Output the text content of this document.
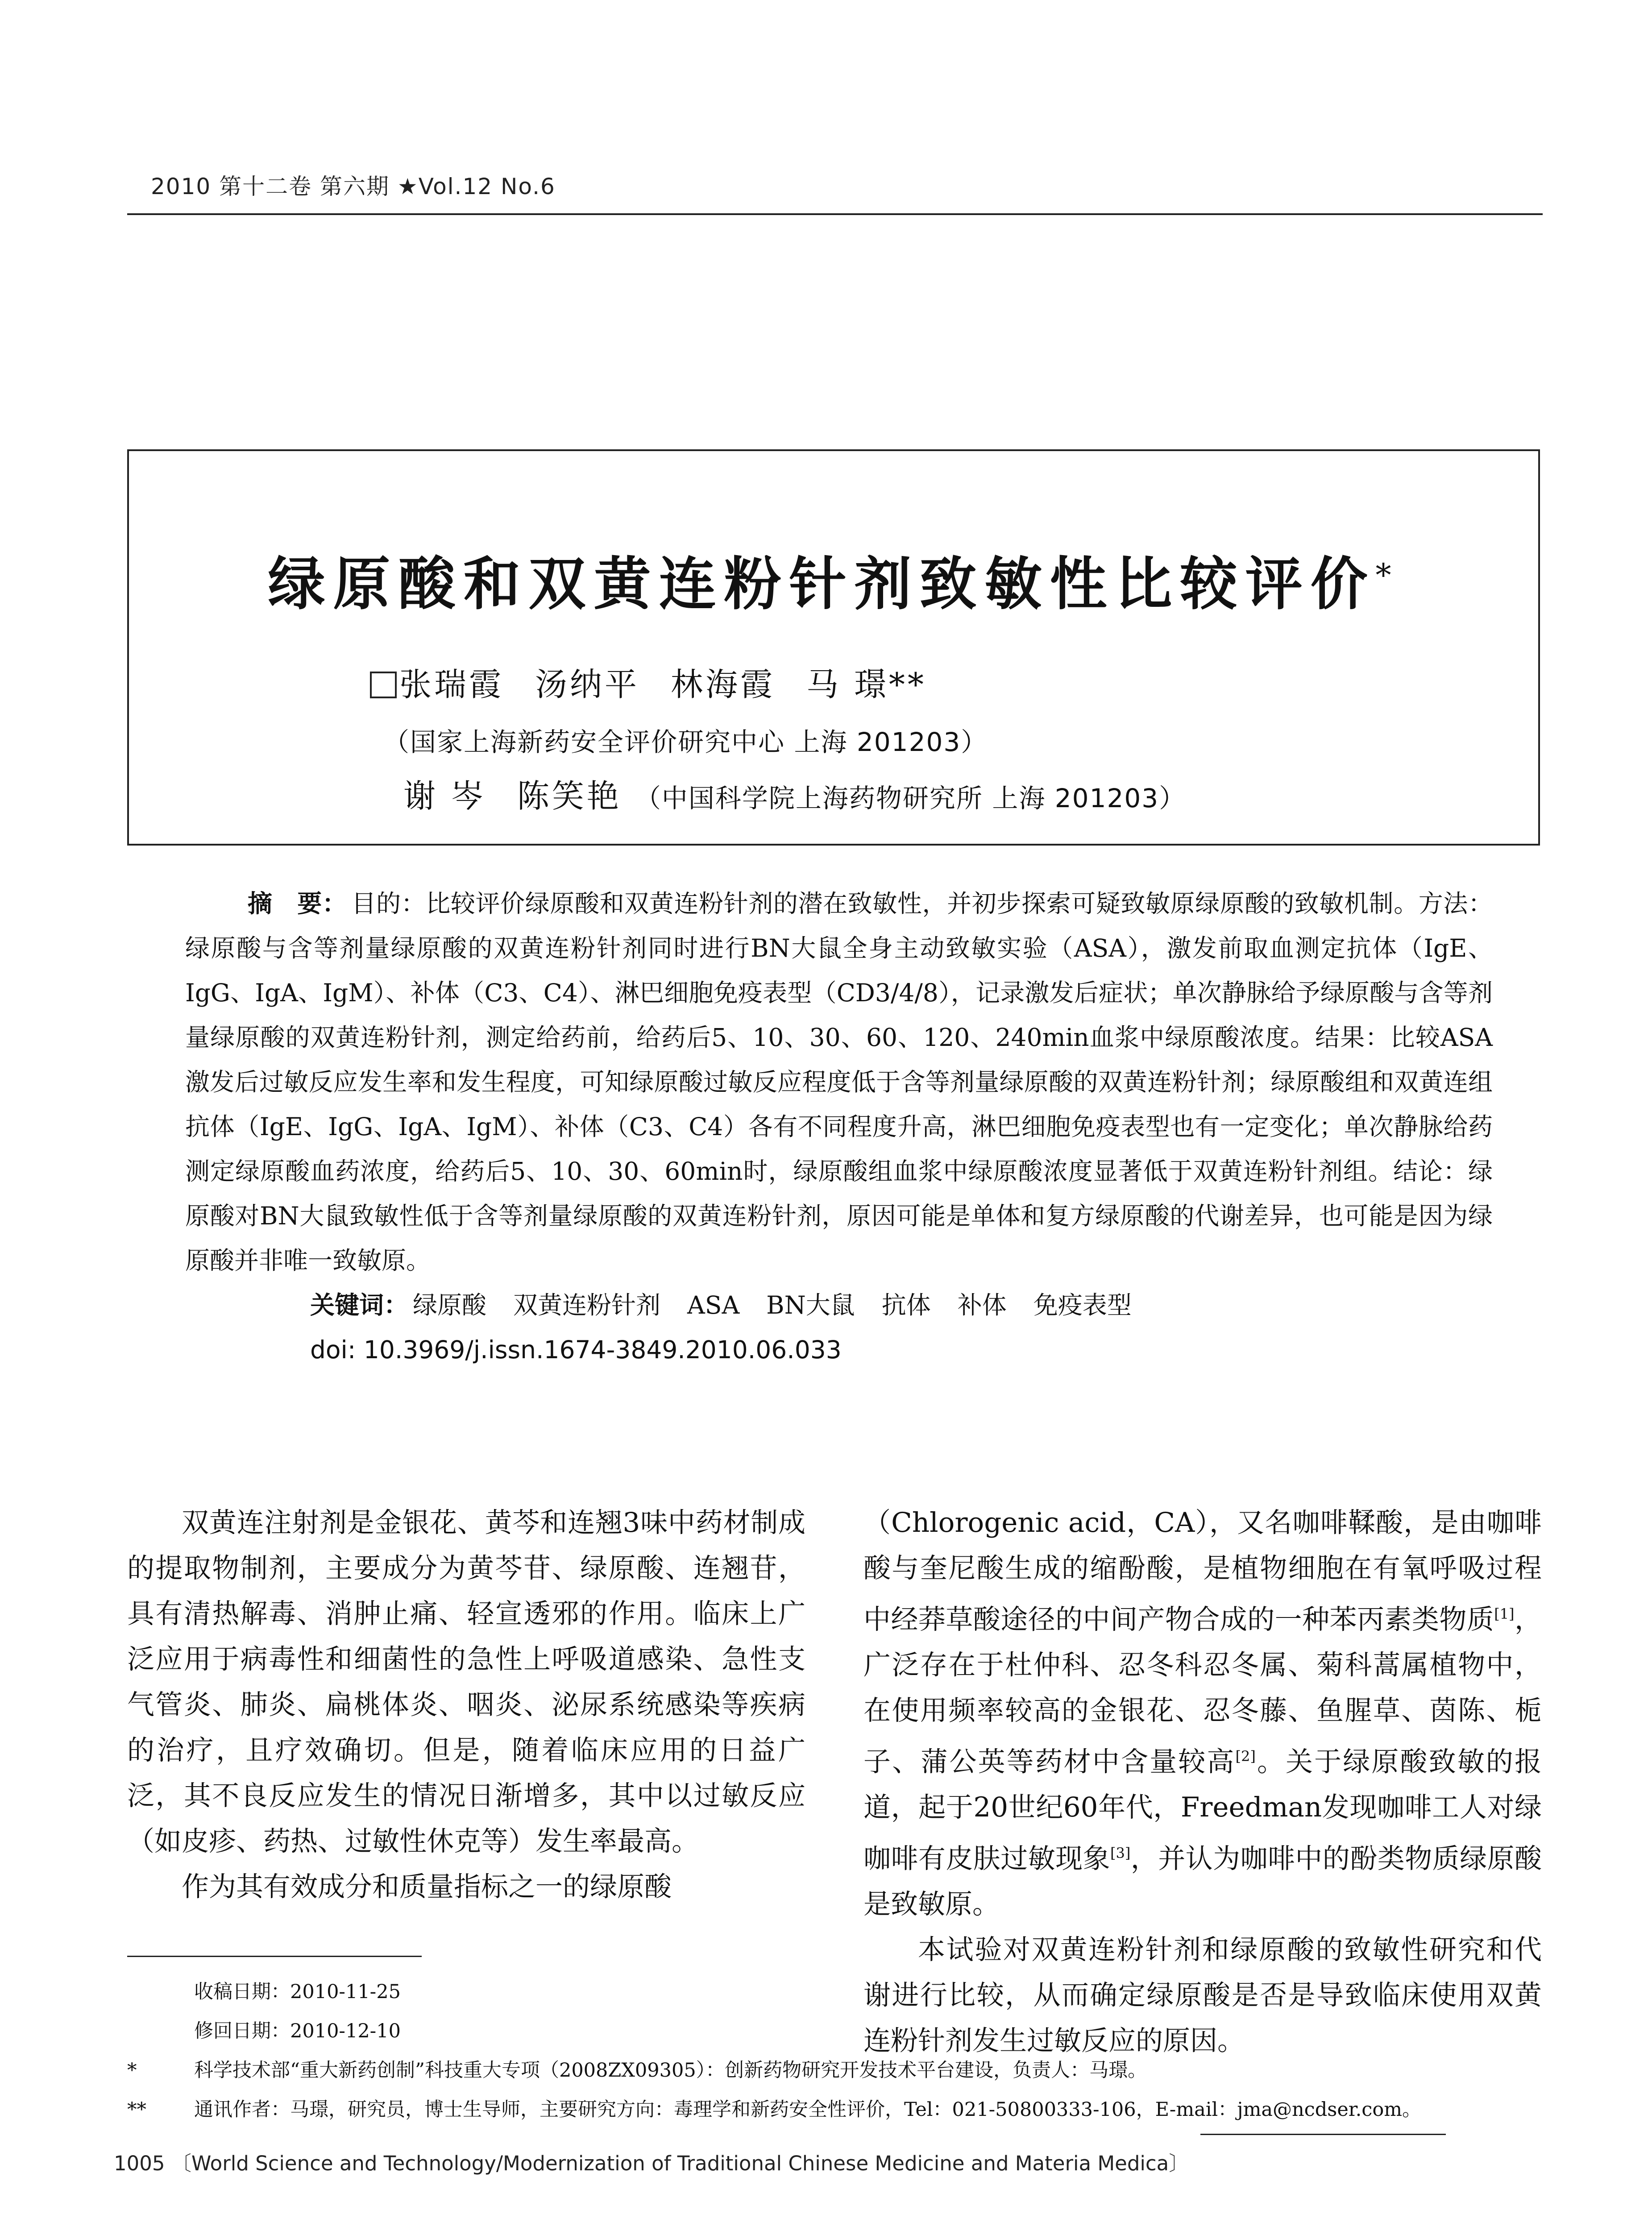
2010 第十二卷 第六期 ★Vol.12 No.6
绿原酸和双黄连粉针剂致敏性比较评价*
张瑞霞 汤纳平 林海霞 马 璟**
（国家上海新药安全评价研究中心 上海 201203）
谢 岑 陈笑艳 （中国科学院上海药物研究所 上海 201203）

摘　要： 目的：比较评价绿原酸和双黄连粉针剂的潜在致敏性，并初步探索可疑致敏原绿原酸的致敏机制。方法：绿原酸与含等剂量绿原酸的双黄连粉针剂同时进行BN大鼠全身主动致敏实验（ASA），激发前取血测定抗体（IgE、IgG、IgA、IgM）、补体（C3、C4）、淋巴细胞免疫表型（CD3/4/8），记录激发后症状；单次静脉给予绿原酸与含等剂量绿原酸的双黄连粉针剂，测定给药前，给药后5、10、30、60、120、240min血浆中绿原酸浓度。结果：比较ASA激发后过敏反应发生率和发生程度，可知绿原酸过敏反应程度低于含等剂量绿原酸的双黄连粉针剂；绿原酸组和双黄连组抗体（IgE、IgG、IgA、IgM）、补体（C3、C4）各有不同程度升高，淋巴细胞免疫表型也有一定变化；单次静脉给药测定绿原酸血药浓度，给药后5、10、30、60min时，绿原酸组血浆中绿原酸浓度显著低于双黄连粉针剂组。结论：绿原酸对BN大鼠致敏性低于含等剂量绿原酸的双黄连粉针剂，原因可能是单体和复方绿原酸的代谢差异，也可能是因为绿原酸并非唯一致敏原。

关键词： 绿原酸 双黄连粉针剂 ASA BN大鼠 抗体 补体 免疫表型

doi: 10.3969/j.issn.1674-3849.2010.06.033

双黄连注射剂是金银花、黄芩和连翘3味中药材制成的提取物制剂，主要成分为黄芩苷、绿原酸、连翘苷，具有清热解毒、消肿止痛、轻宣透邪的作用。临床上广泛应用于病毒性和细菌性的急性上呼吸道感染、急性支气管炎、肺炎、扁桃体炎、咽炎、泌尿系统感染等疾病的治疗，且疗效确切。但是，随着临床应用的日益广泛，其不良反应发生的情况日渐增多，其中以过敏反应（如皮疹、药热、过敏性休克等）发生率最高。

作为其有效成分和质量指标之一的绿原酸

（Chlorogenic acid，CA），又名咖啡鞣酸，是由咖啡酸与奎尼酸生成的缩酚酸，是植物细胞在有氧呼吸过程中经莽草酸途径的中间产物合成的一种苯丙素类物质[1]，广泛存在于杜仲科、忍冬科忍冬属、菊科蒿属植物中，在使用频率较高的金银花、忍冬藤、鱼腥草、茵陈、栀子、蒲公英等药材中含量较高[2]。关于绿原酸致敏的报道，起于20世纪60年代，Freedman发现咖啡工人对绿咖啡有皮肤过敏现象[3]，并认为咖啡中的酚类物质绿原酸是致敏原。

本试验对双黄连粉针剂和绿原酸的致敏性研究和代谢进行比较，从而确定绿原酸是否是导致临床使用双黄连粉针剂发生过敏反应的原因。

收稿日期：2010-11-25
修回日期：2010-12-10
*	科学技术部“重大新药创制”科技重大专项（2008ZX09305）：创新药物研究开发技术平台建设，负责人：马璟。
** 通讯作者：马璟，研究员，博士生导师，主要研究方向：毒理学和新药安全性评价，Tel：021-50800333-106，E-mail：jma@ncdser.com。
1005 〔World Science and Technology/Modernization of Traditional Chinese Medicine and Materia Medica〕
